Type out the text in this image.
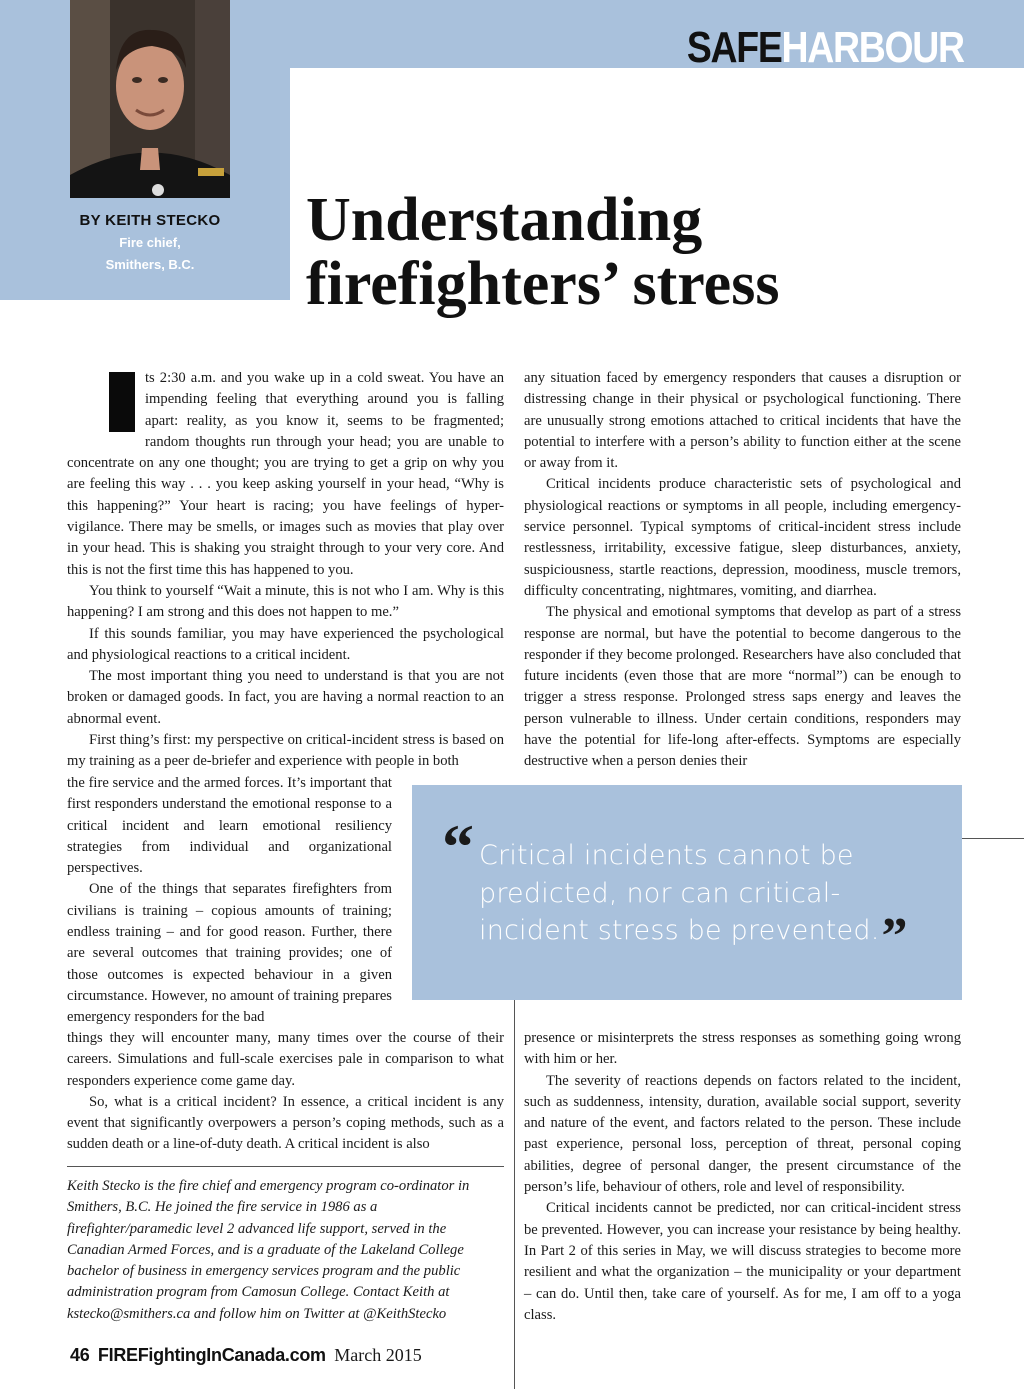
BY KEITH STECKO
Fire chief,
Smithers, B.C.
SAFEHARBOUR
Understanding
firefighters’ stress

ts 2:30 a.m. and you wake up in a cold sweat. You have an impending feeling that everything around you is falling apart: reality, as you know it, seems to be fragmented; random thoughts run through your head; you are unable to concentrate on any one thought; you are trying to get a grip on why you are feeling this way . . . you keep asking yourself in your head, “Why is this happening?” Your heart is racing; you have feelings of hyper-vigilance. There may be smells, or images such as movies that play over in your head. This is shaking you straight through to your very core. And this is not the first time this has happened to you.

You think to yourself “Wait a minute, this is not who I am. Why is this happening? I am strong and this does not happen to me.”

If this sounds familiar, you may have experienced the psychological and physiological reactions to a critical incident.

The most important thing you need to understand is that you are not broken or damaged goods. In fact, you are having a normal reaction to an abnormal event.

First thing’s first: my perspective on critical-incident stress is based on my training as a peer de-briefer and experience with people in both

the fire service and the armed forces. It’s important that first responders understand the emotional response to a critical incident and learn emotional resiliency strategies from individual and organizational perspectives.

One of the things that separates firefighters from civilians is training – copious amounts of training; endless training – and for good reason. Further, there are several outcomes that training provides; one of those outcomes is expected behaviour in a given circumstance. However, no amount of training prepares emergency responders for the bad

things they will encounter many, many times over the course of their careers. Simulations and full-scale exercises pale in comparison to what responders experience come game day.

So, what is a critical incident? In essence, a critical incident is any event that significantly overpowers a person’s coping methods, such as a sudden death or a line-of-duty death. A critical incident is also

any situation faced by emergency responders that causes a disruption or distressing change in their physical or psychological functioning. There are unusually strong emotions attached to critical incidents that have the potential to interfere with a person’s ability to function either at the scene or away from it.

Critical incidents produce characteristic sets of psychological and physiological reactions or symptoms in all people, including emergency-service personnel. Typical symptoms of critical-incident stress include restlessness, irritability, excessive fatigue, sleep disturbances, anxiety, suspiciousness, startle reactions, depression, moodiness, muscle tremors, difficulty concentrating, nightmares, vomiting, and diarrhea.

The physical and emotional symptoms that develop as part of a stress response are normal, but have the potential to become dangerous to the responder if they become prolonged. Researchers have also concluded that future incidents (even those that are more “normal”) can be enough to trigger a stress response. Prolonged stress saps energy and leaves the person vulnerable to illness. Under certain conditions, responders may have the potential for life-long after-effects. Symptoms are especially destructive when a person denies their

presence or misinterprets the stress responses as something going wrong with him or her.

The severity of reactions depends on factors related to the incident, such as suddenness, intensity, duration, available social support, severity and nature of the event, and factors related to the person. These include past experience, personal loss, perception of threat, personal coping abilities, degree of personal danger, the present circumstance of the person’s life, behaviour of others, role and level of responsibility.

Critical incidents cannot be predicted, nor can critical-incident stress be prevented. However, you can increase your resistance by being healthy. In Part 2 of this series in May, we will discuss strategies to become more resilient and what the organization – the municipality or your department – can do. Until then, take care of yourself. As for me, I am off to a yoga class.

“ Critical incidents cannot be predicted, nor can critical-incident stress be prevented.”
Keith Stecko is the fire chief and emergency program co-ordinator in Smithers, B.C. He joined the fire service in 1986 as a firefighter/paramedic level 2 advanced life support, served in the Canadian Armed Forces, and is a graduate of the Lakeland College bachelor of business in emergency services program and the public administration program from Camosun College. Contact Keith at kstecko@smithers.ca and follow him on Twitter at @KeithStecko
46 FIREFightingInCanada.com March 2015
